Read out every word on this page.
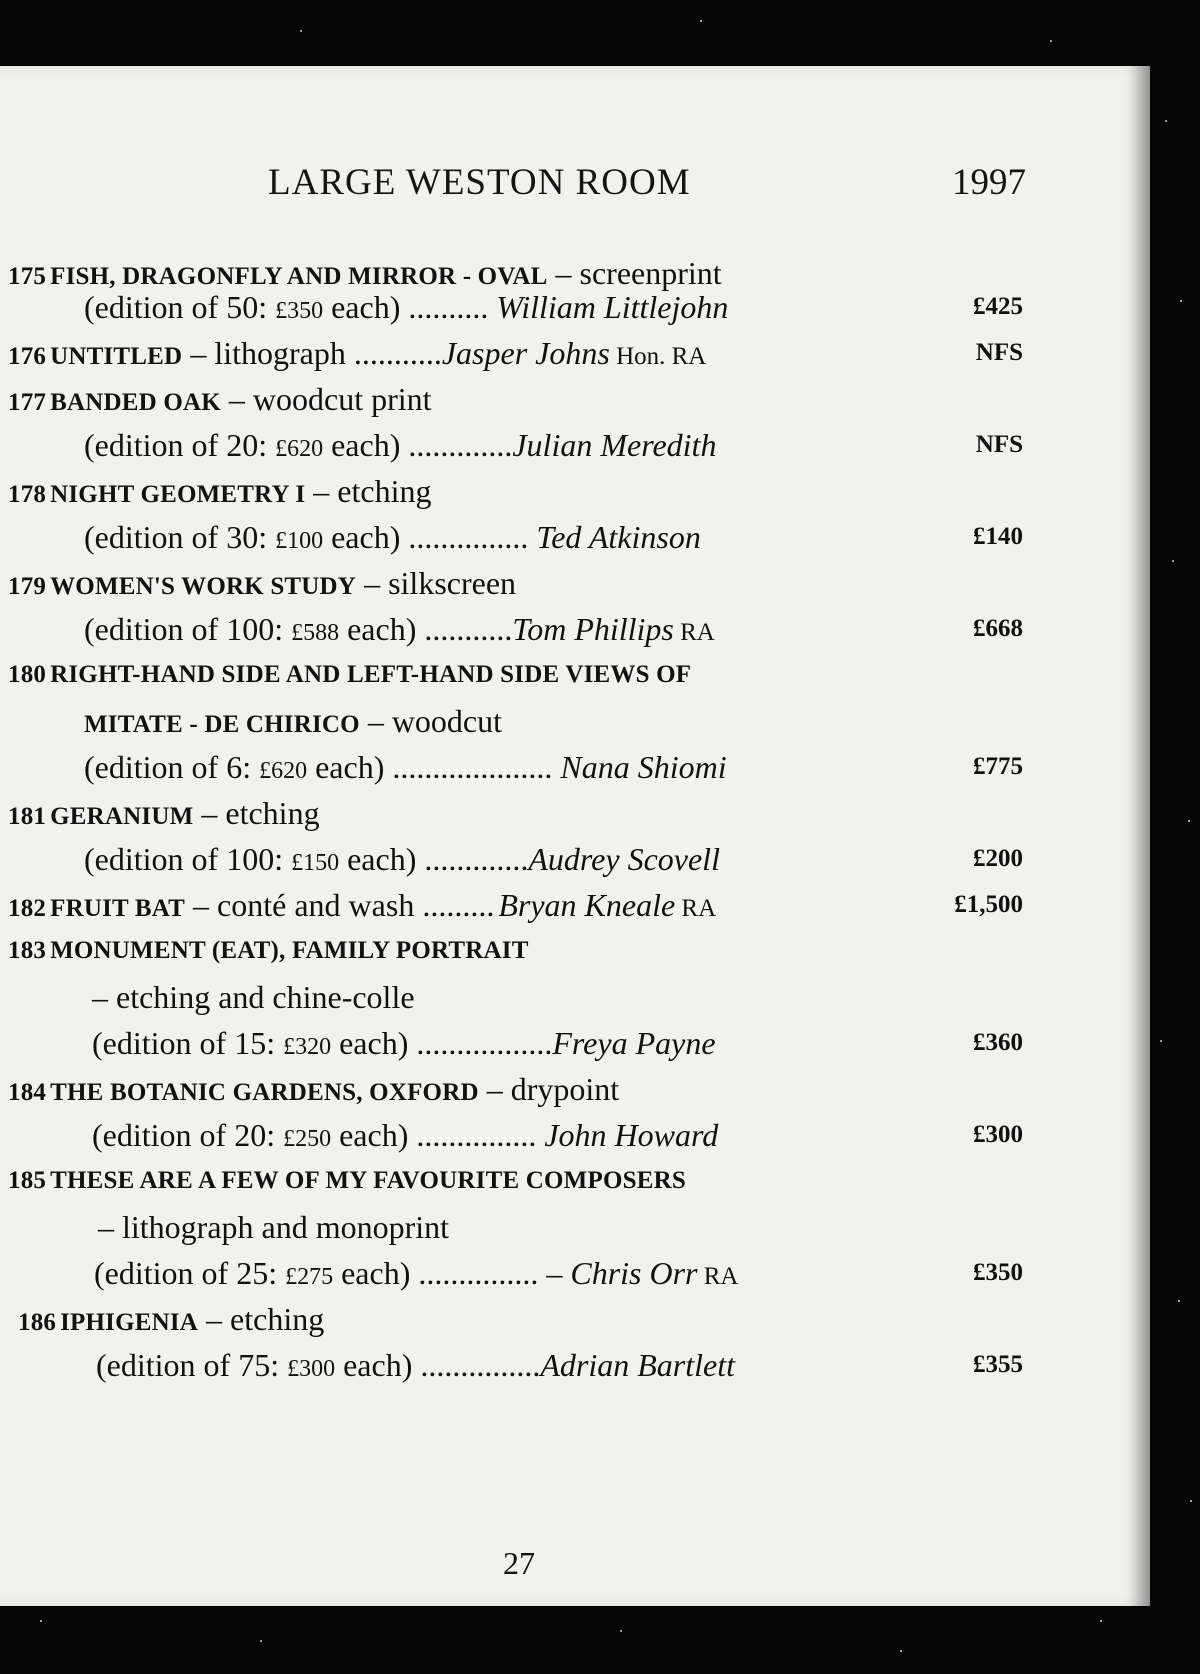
LARGE WESTON ROOM	1997
175 FISH, DRAGONFLY AND MIRROR - OVAL – screenprint
(edition of 50: £350 each) .......... William Littlejohn	£425
176 UNTITLED – lithograph ...........Jasper Johns Hon. RA	NFS
177 BANDED OAK – woodcut print
(edition of 20: £620 each) .............Julian Meredith	NFS
178 NIGHT GEOMETRY I – etching
(edition of 30: £100 each) ............... Ted Atkinson	£140
179 WOMEN'S WORK STUDY – silkscreen
(edition of 100: £588 each) ...........Tom Phillips RA	£668
180 RIGHT-HAND SIDE AND LEFT-HAND SIDE VIEWS OF
MITATE - DE CHIRICO – woodcut
(edition of 6: £620 each) .................... Nana Shiomi	£775
181 GERANIUM – etching
(edition of 100: £150 each) .............Audrey Scovell	£200
182 FRUIT BAT – conté and wash ......... Bryan Kneale RA	£1,500
183 MONUMENT (EAT), FAMILY PORTRAIT
– etching and chine-colle
(edition of 15: £320 each) .................Freya Payne	£360
184 THE BOTANIC GARDENS, OXFORD – drypoint
(edition of 20: £250 each) ............... John Howard	£300
185 THESE ARE A FEW OF MY FAVOURITE COMPOSERS
– lithograph and monoprint
(edition of 25: £275 each) ............... – Chris Orr RA	£350
186 IPHIGENIA – etching
(edition of 75: £300 each) ...............Adrian Bartlett	£355
27
